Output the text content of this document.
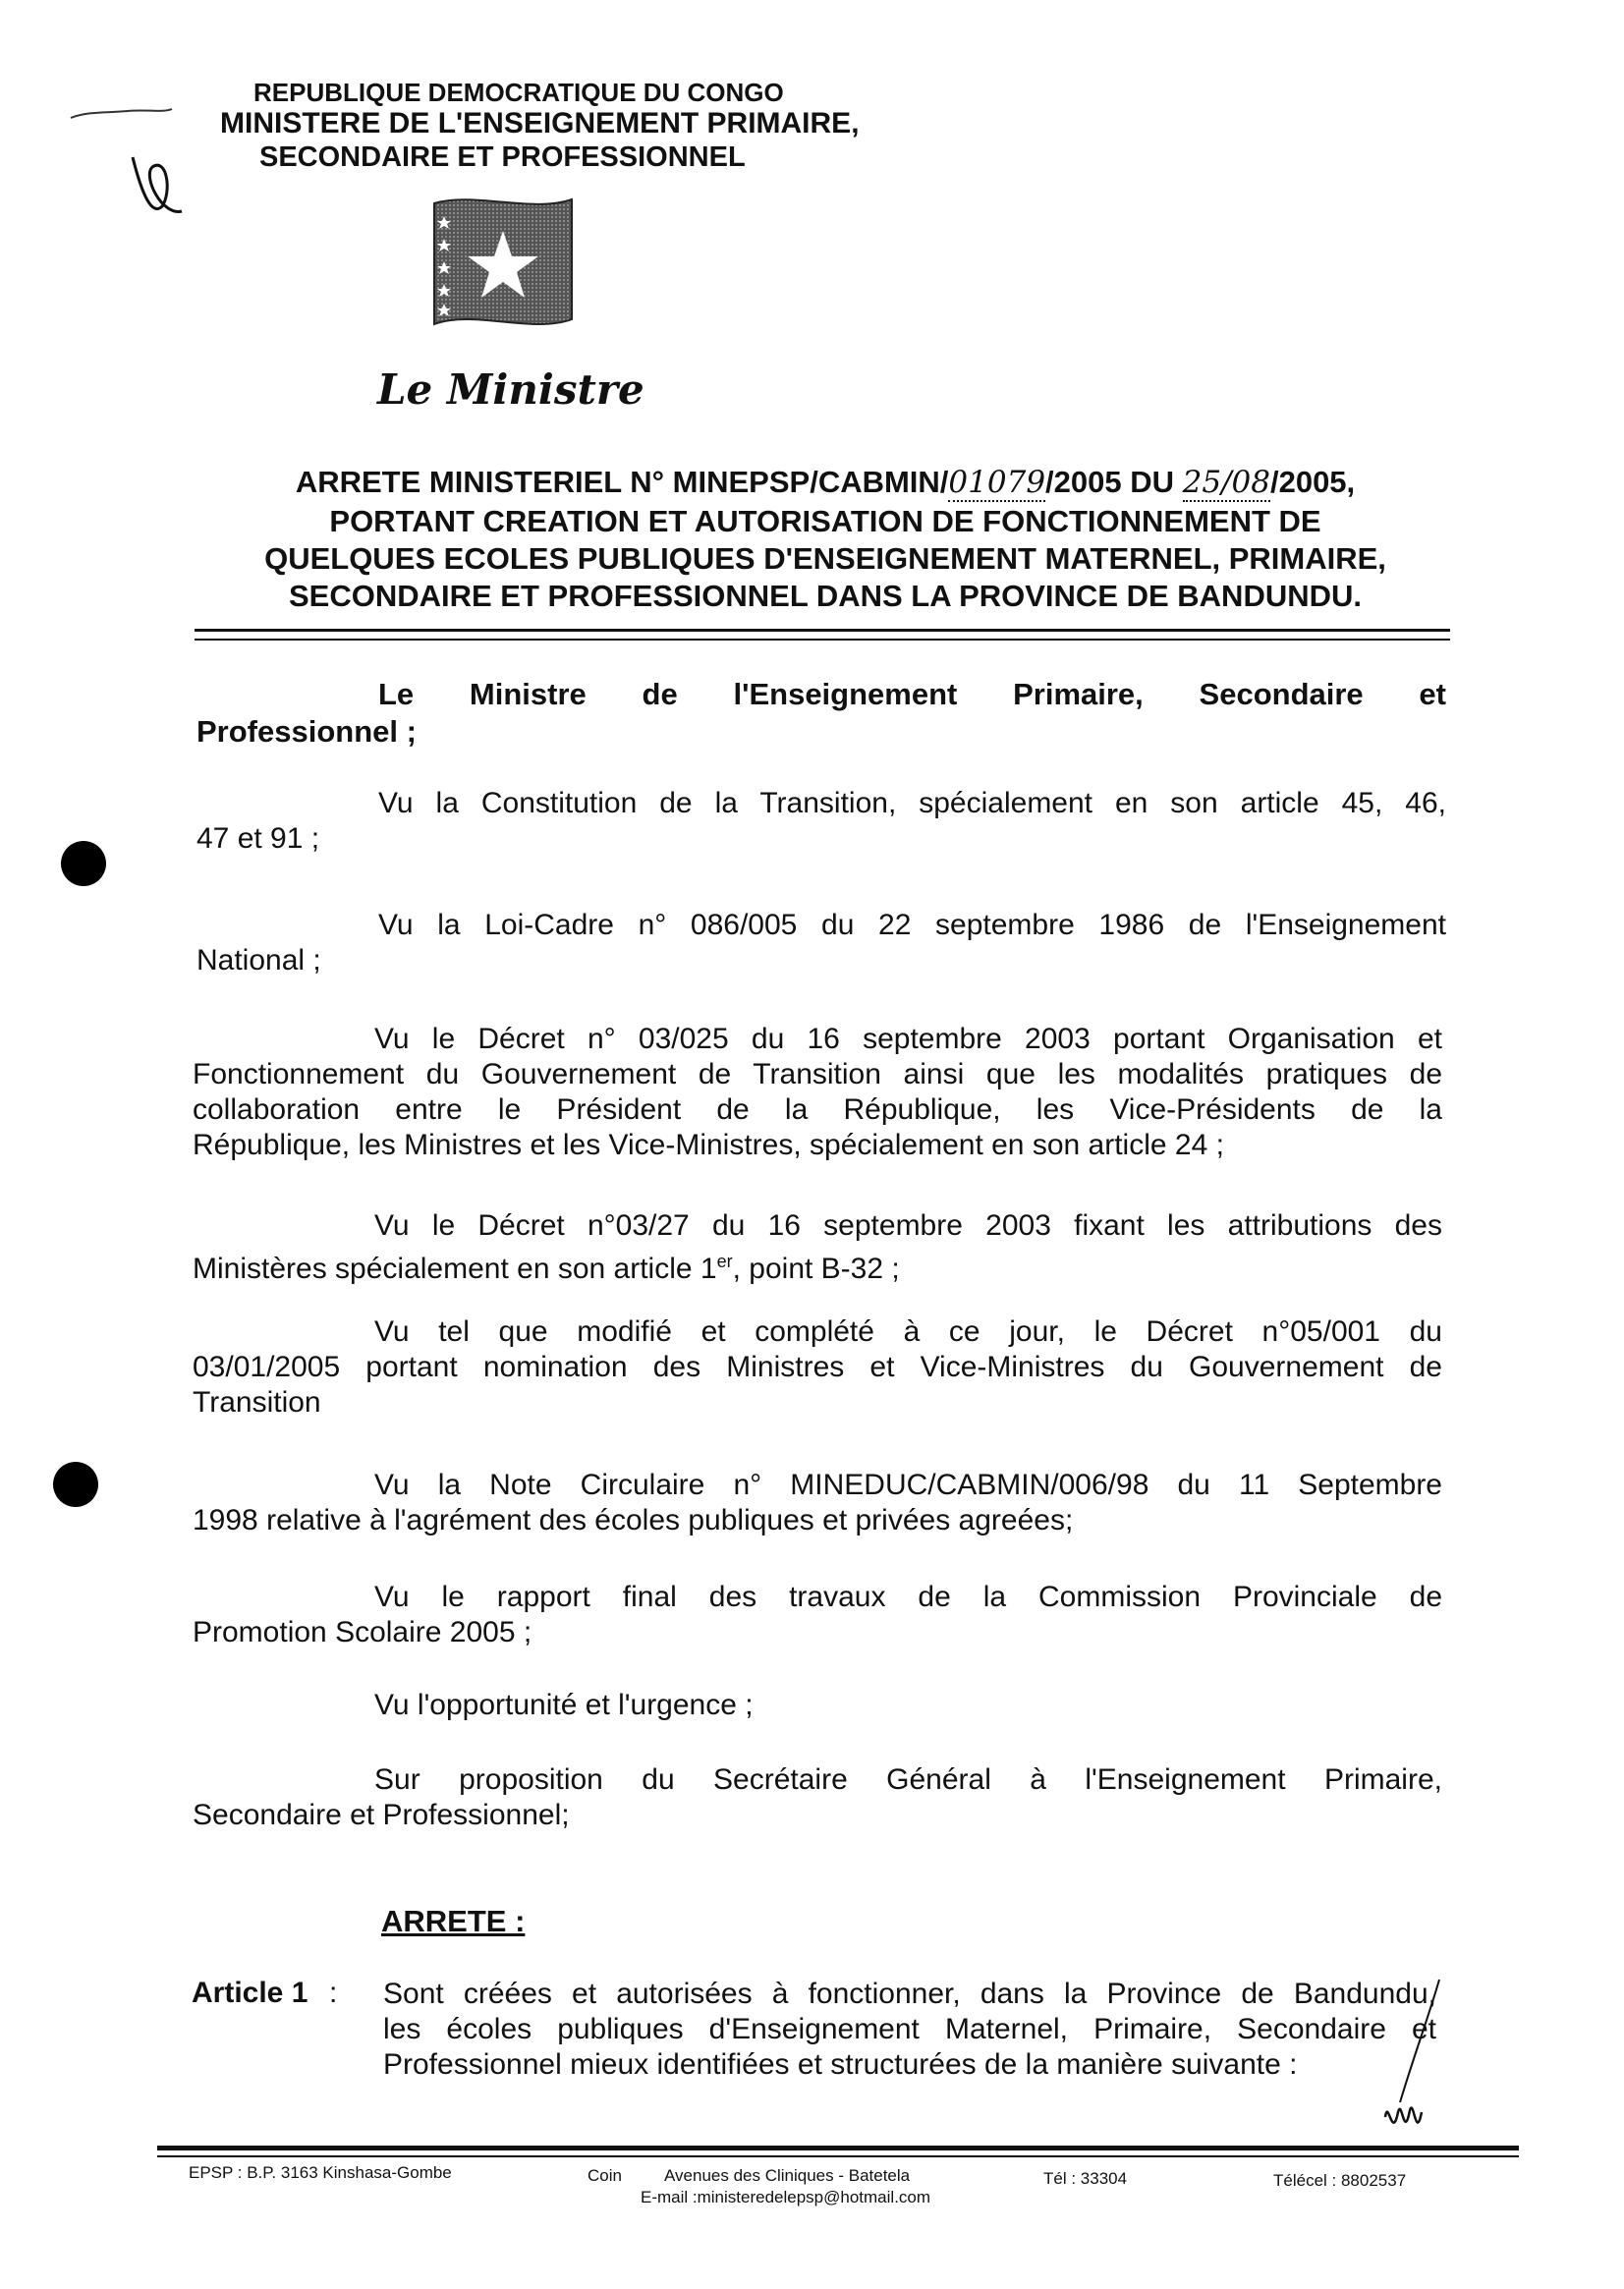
REPUBLIQUE DEMOCRATIQUE DU CONGO
MINISTERE DE L'ENSEIGNEMENT PRIMAIRE,
SECONDAIRE ET PROFESSIONNEL
Le Ministre
ARRETE MINISTERIEL N° MINEPSP/CABMIN/01079/2005 DU 25/08/2005,
PORTANT CREATION ET AUTORISATION DE FONCTIONNEMENT DE
QUELQUES ECOLES PUBLIQUES D'ENSEIGNEMENT MATERNEL, PRIMAIRE,
SECONDAIRE ET PROFESSIONNEL DANS LA PROVINCE DE BANDUNDU.
Le Ministre de l'Enseignement Primaire, Secondaire et
Professionnel ;
Vu la Constitution de la Transition, spécialement en son article 45, 46,
47 et 91 ;
Vu la Loi-Cadre n° 086/005 du 22 septembre 1986 de l'Enseignement
National ;
Vu le Décret n° 03/025 du 16 septembre 2003 portant Organisation et
Fonctionnement du Gouvernement de Transition ainsi que les modalités pratiques de
collaboration entre le Président de la République, les Vice-Présidents de la
République, les Ministres et les Vice-Ministres, spécialement en son article 24 ;
Vu le Décret n°03/27 du 16 septembre 2003 fixant les attributions des
Ministères spécialement en son article 1er, point B-32 ;
Vu tel que modifié et complété à ce jour, le Décret n°05/001 du
03/01/2005 portant nomination des Ministres et Vice-Ministres du Gouvernement de
Transition
Vu la Note Circulaire n° MINEDUC/CABMIN/006/98 du 11 Septembre
1998 relative à l'agrément des écoles publiques et privées agreées;
Vu le rapport final des travaux de la Commission Provinciale de
Promotion Scolaire 2005 ;
Vu l'opportunité et l'urgence ;
Sur proposition du Secrétaire Général à l'Enseignement Primaire,
Secondaire et Professionnel;
ARRETE :
Article 1 : Sont créées et autorisées à fonctionner, dans la Province de Bandundu,
les écoles publiques d'Enseignement Maternel, Primaire, Secondaire et
Professionnel mieux identifiées et structurées de la manière suivante :
EPSP : B.P. 3163 Kinshasa-Gombe	Coin	Avenues des Cliniques - Batetela
E-mail :ministeredelepsp@hotmail.com
Tél : 33304	Télécel : 8802537
